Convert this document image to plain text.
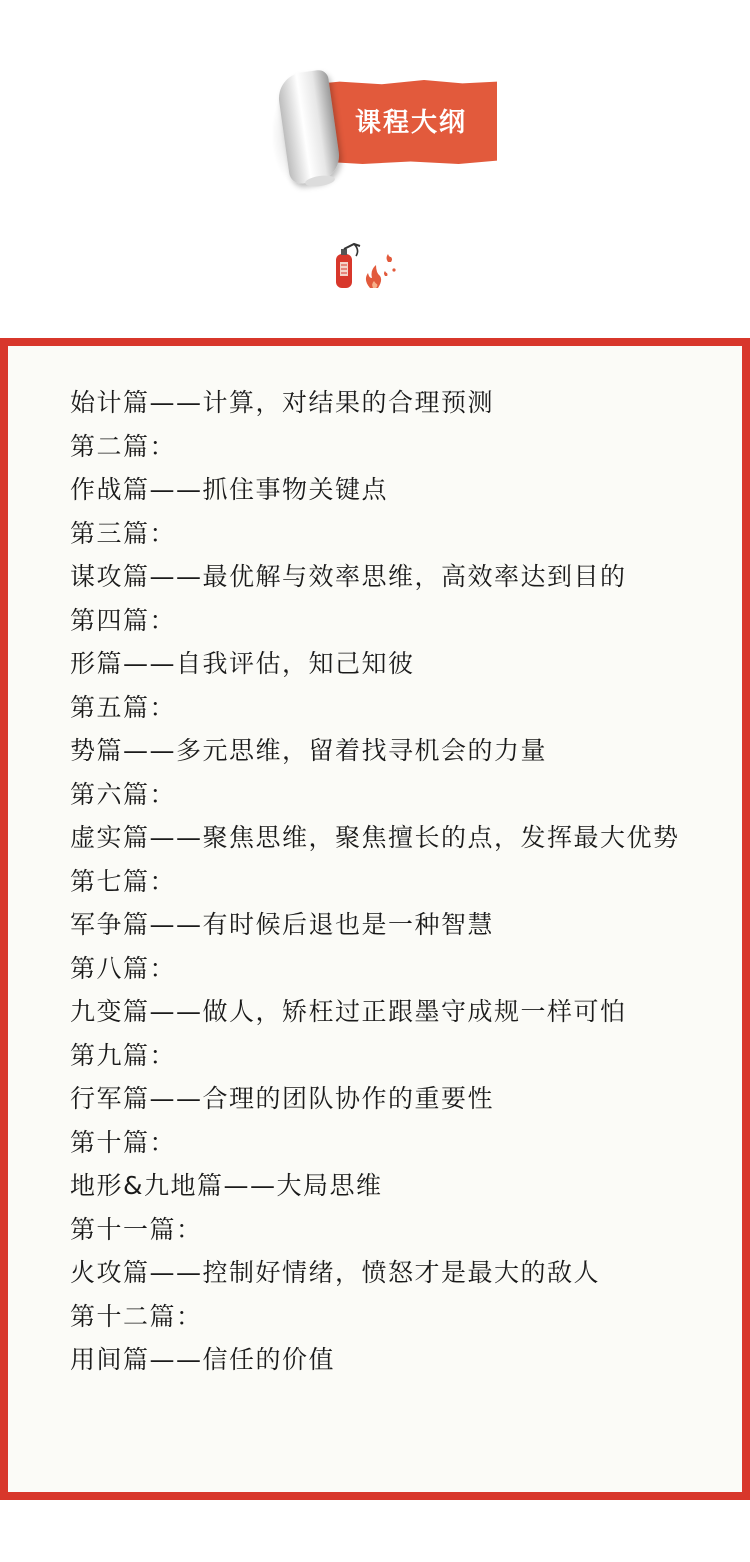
课程大纲
始计篇——计算，对结果的合理预测
第二篇：
作战篇——抓住事物关键点
第三篇：
谋攻篇——最优解与效率思维，高效率达到目的
第四篇：
形篇——自我评估，知己知彼
第五篇：
势篇——多元思维，留着找寻机会的力量
第六篇：
虚实篇——聚焦思维，聚焦擅长的点，发挥最大优势
第七篇：
军争篇——有时候后退也是一种智慧
第八篇：
九变篇——做人，矫枉过正跟墨守成规一样可怕
第九篇：
行军篇——合理的团队协作的重要性
第十篇：
地形&九地篇——大局思维
第十一篇：
火攻篇——控制好情绪，愤怒才是最大的敌人
第十二篇：
用间篇——信任的价值
